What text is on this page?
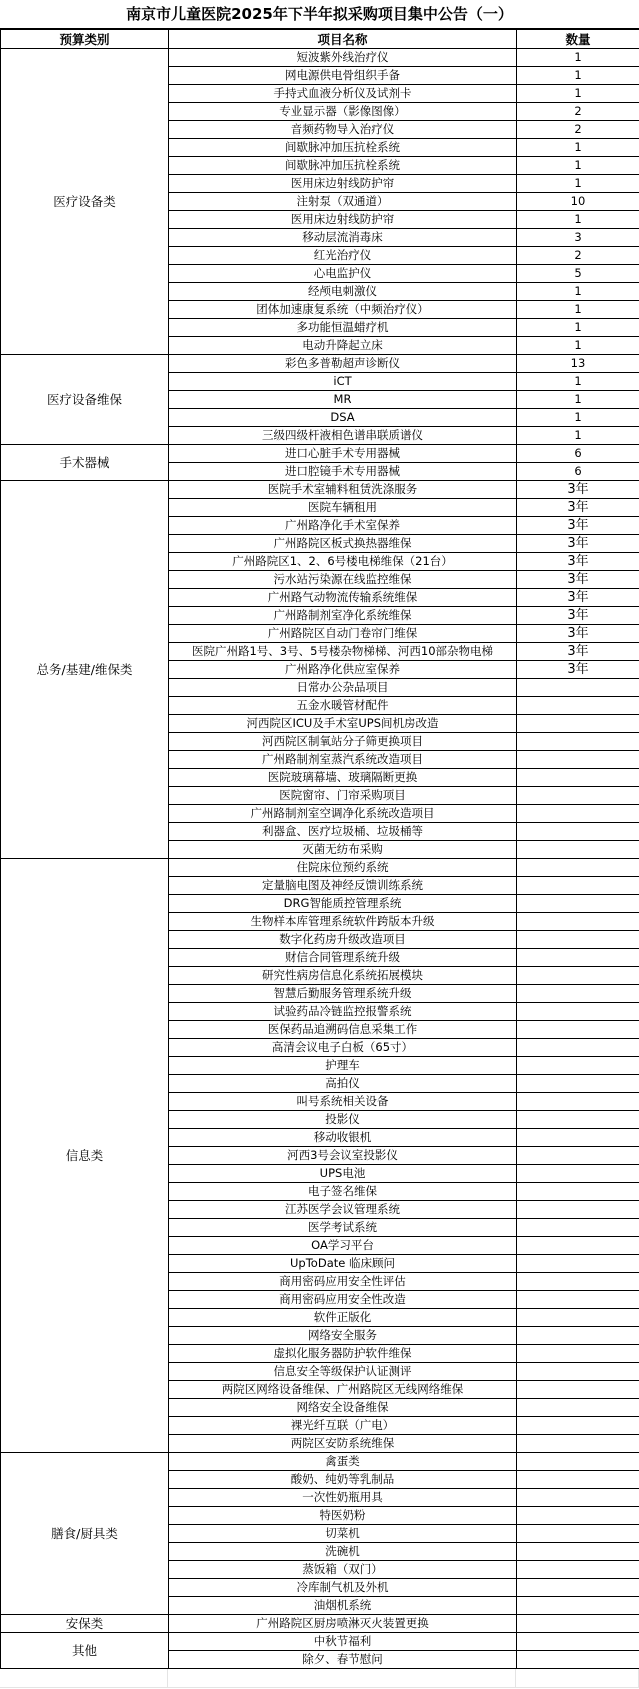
南京市儿童医院2025年下半年拟采购项目集中公告（一）
预算类别	项目名称	数量
医疗设备类	短波紫外线治疗仪	1
	网电源供电骨组织手备	1
	手持式血液分析仪及试剂卡	1
	专业显示器（影像图像）	2
	音频药物导入治疗仪	2
	间歇脉冲加压抗栓系统	1
	间歇脉冲加压抗栓系统	1
	医用床边射线防护帘	1
	注射泵（双通道）	10
	医用床边射线防护帘	1
	移动层流消毒床	3
	红光治疗仪	2
	心电监护仪	5
	经颅电刺激仪	1
	团体加速康复系统（中频治疗仪）	1
	多功能恒温蜡疗机	1
	电动升降起立床	1
医疗设备维保	彩色多普勒超声诊断仪	13
	iCT	1
	MR	1
	DSA	1
	三级四级杆液相色谱串联质谱仪	1
手术器械	进口心脏手术专用器械	6
	进口腔镜手术专用器械	6
总务/基建/维保类	医院手术室辅料租赁洗涤服务	3年
	医院车辆租用	3年
	广州路净化手术室保养	3年
	广州路院区板式换热器维保	3年
	广州路院区1、2、6号楼电梯维保（21台）	3年
	污水站污染源在线监控维保	3年
	广州路气动物流传输系统维保	3年
	广州路制剂室净化系统维保	3年
	广州路院区自动门卷帘门维保	3年
	医院广州路1号、3号、5号楼杂物梯梯、河西10部杂物电梯	3年
	广州路净化供应室保养	3年
	日常办公杂品项目	
	五金水暖管材配件	
	河西院区ICU及手术室UPS间机房改造	
	河西院区制氧站分子筛更换项目	
	广州路制剂室蒸汽系统改造项目	
	医院玻璃幕墙、玻璃隔断更换	
	医院窗帘、门帘采购项目	
	广州路制剂室空调净化系统改造项目	
	利器盒、医疗垃圾桶、垃圾桶等	
	灭菌无纺布采购	
信息类	住院床位预约系统	
	定量脑电图及神经反馈训练系统	
	DRG智能质控管理系统	
	生物样本库管理系统软件跨版本升级	
	数字化药房升级改造项目	
	财信合同管理系统升级	
	研究性病房信息化系统拓展模块	
	智慧后勤服务管理系统升级	
	试验药品冷链监控报警系统	
	医保药品追溯码信息采集工作	
	高清会议电子白板（65寸）	
	护理车	
	高拍仪	
	叫号系统相关设备	
	投影仪	
	移动收银机	
	河西3号会议室投影仪	
	UPS电池	
	电子签名维保	
	江苏医学会议管理系统	
	医学考试系统	
	OA学习平台	
	UpToDate 临床顾问	
	商用密码应用安全性评估	
	商用密码应用安全性改造	
	软件正版化	
	网络安全服务	
	虚拟化服务器防护软件维保	
	信息安全等级保护认证测评	
	两院区网络设备维保、广州路院区无线网络维保	
	网络安全设备维保	
	裸光纤互联（广电）	
	两院区安防系统维保	
膳食/厨具类	禽蛋类	
	酸奶、纯奶等乳制品	
	一次性奶瓶用具	
	特医奶粉	
	切菜机	
	洗碗机	
	蒸饭箱（双门）	
	冷库制气机及外机	
	油烟机系统	
安保类	广州路院区厨房喷淋灭火装置更换	
其他	中秋节福利	
	除夕、春节慰问	
